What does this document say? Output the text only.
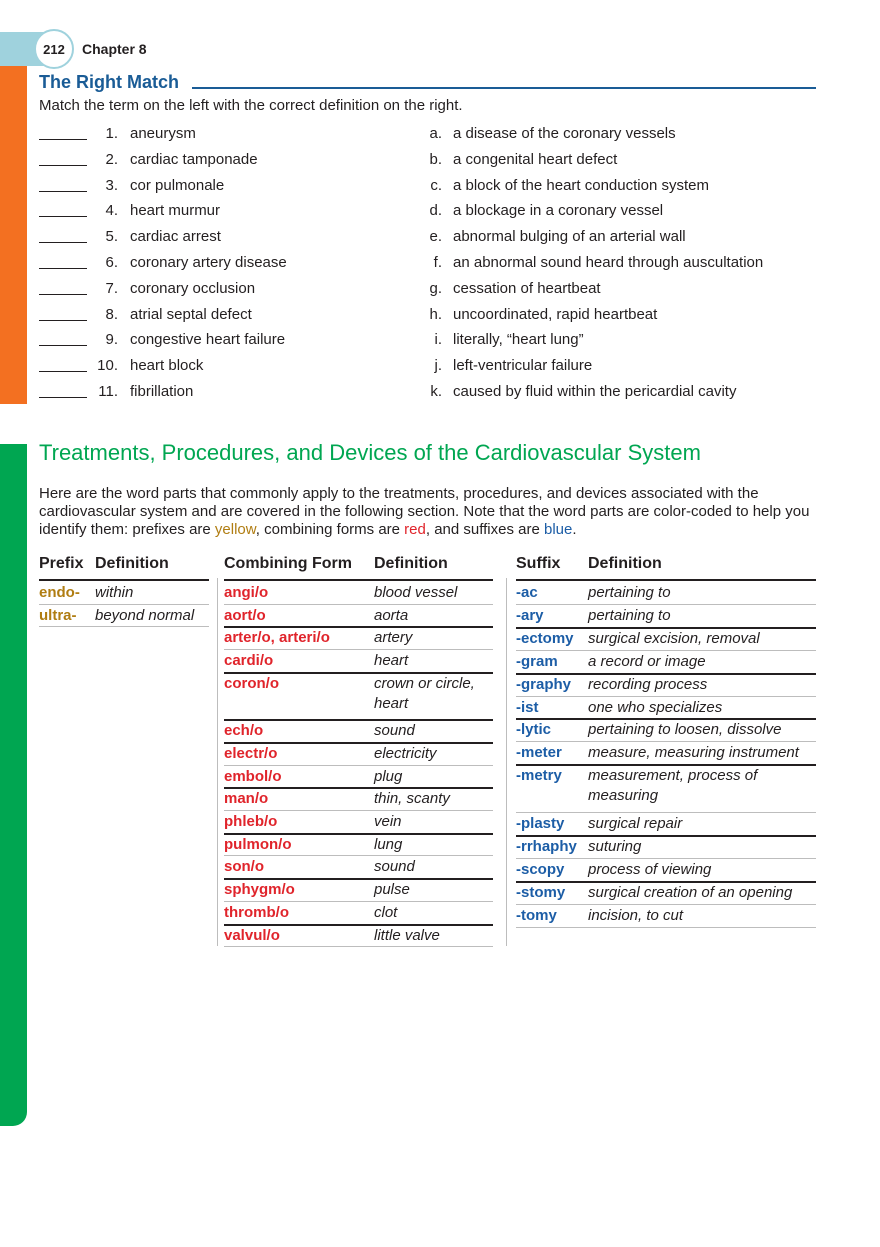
212	Chapter 8
The Right Match
Match the term on the left with the correct definition on the right.
1. aneurysm	a. a disease of the coronary vessels
2. cardiac tamponade	b. a congenital heart defect
3. cor pulmonale	c. a block of the heart conduction system
4. heart murmur	d. a blockage in a coronary vessel
5. cardiac arrest	e. abnormal bulging of an arterial wall
6. coronary artery disease	f. an abnormal sound heard through auscultation
7. coronary occlusion	g. cessation of heartbeat
8. atrial septal defect	h. uncoordinated, rapid heartbeat
9. congestive heart failure	i. literally, “heart lung”
10. heart block	j. left-ventricular failure
11. fibrillation	k. caused by fluid within the pericardial cavity
Treatments, Procedures, and Devices of the Cardiovascular System
Here are the word parts that commonly apply to the treatments, procedures, and devices associated with the cardiovascular system and are covered in the following section. Note that the word parts are color-coded to help you identify them: prefixes are yellow, combining forms are red, and suffixes are blue.
Prefix Definition
endo- within
ultra- beyond normal
Combining Form Definition
angi/o	blood vessel
aort/o	aorta
arter/o, arteri/o	artery
cardi/o	heart
coron/o	crown or circle,
heart
ech/o	sound
electr/o	electricity
embol/o	plug
man/o	thin, scanty
phleb/o	vein
pulmon/o	lung
son/o	sound
sphygm/o	pulse
thromb/o	clot
valvul/o	little valve
Suffix Definition
-ac	pertaining to
-ary	pertaining to
-ectomy surgical excision, removal
-gram a record or image
-graphy recording process
-ist	one who specializes
-lytic pertaining to loosen, dissolve
-meter measure, measuring instrument
-metry measurement, process of
measuring
-plasty surgical repair
-rrhaphy suturing
-scopy process of viewing
-stomy surgical creation of an opening
-tomy incision, to cut
